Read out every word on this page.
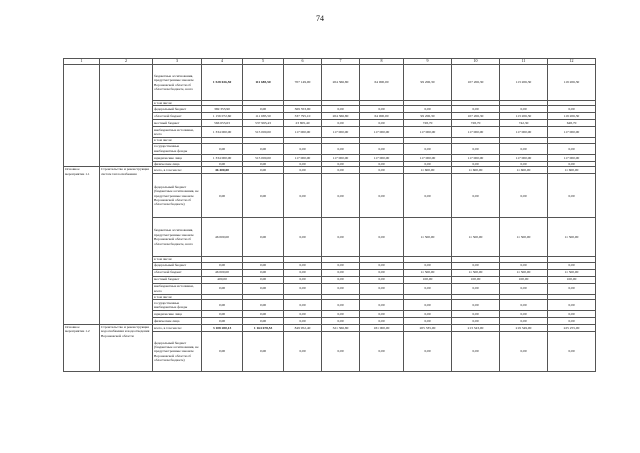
74
1	2	3	4	5	6	7	8	9	10	11	12
		бюджетные ассигнования, предусмотренные законом Воронежской области об областном бюджете, всего	1 528 026,50	111 685,50	707 149,00	204 366,80	64 000,00	99 206,30	107 206,30	113 206,30	119 206,30
		в том числе:									
		федеральный бюджет	369 353,90	0,00	369 353,90	0,00	0,00	0,00	0,00	0,00	0,00
		областной бюджет	1 156 072,60	111 685,50	337 795,10	204 366,80	64 000,00	99 206,30	107 206,30	113 206,30	119 206,30
		местный бюджет	566 653,63	537 993,43	23 805,40	0,00	0,00	728,70	728,70	742,30	648,70
		внебюджетные источники, всего	1 334 000,00	515 000,00	117 000,00	117 000,00	117 000,00	117 000,00	117 000,00	117 000,00	117 000,00
		в том числе:									
		государственные внебюджетные фонды	0,00	0,00	0,00	0,00	0,00	0,00	0,00	0,00	0,00
		юридические лица	1 334 000,00	515 000,00	117 000,00	117 000,00	117 000,00	117 000,00	117 000,00	117 000,00	117 000,00
		физические лица	0,00	0,00	0,00	0,00	0,00	0,00	0,00	0,00	0,00
Основное мероприятие 1.1	Строительство и реконструкция систем теплоснабжения	всего, в том числе:	46 400,00	0,00	0,00	0,00	0,00	11 600,00	11 600,00	11 600,00	11 600,00
		федеральный бюджет (бюджетные ассигнования, не предусмотренные законом Воронежской области об областном бюджете)	0,00	0,00	0,00	0,00	0,00	0,00	0,00	0,00	0,00
		бюджетные ассигнования, предусмотренные законом Воронежской области об областном бюджете, всего	46 000,00	0,00	0,00	0,00	0,00	11 500,00	11 500,00	11 500,00	11 500,00
		в том числе:									
		федеральный бюджет	0,00	0,00	0,00	0,00	0,00	0,00	0,00	0,00	0,00
		областной бюджет	46 000,00	0,00	0,00	0,00	0,00	11 500,00	11 500,00	11 500,00	11 500,00
		местный бюджет	400,00	0,00	0,00	0,00	0,00	100,00	100,00	100,00	100,00
		внебюджетные источники, всего	0,00	0,00	0,00	0,00	0,00	0,00	0,00	0,00	0,00
		в том числе:									
		государственные внебюджетные фонды	0,00	0,00	0,00	0,00	0,00	0,00	0,00	0,00	0,00
		юридические лица	0,00	0,00	0,00	0,00	0,00	0,00	0,00	0,00	0,00
		физические лица	0,00	0,00	0,00	0,00	0,00	0,00	0,00	0,00	0,00
Основное мероприятие 1.2	Строительство и реконструкция водоснабжения и водоотведения Воронежской области	всего, в том числе:	3 108 200,13	1 164 678,53	849 952,40	321 366,80	181 000,00	205 335,00	213 343,00	219 349,00	225 255,00
		федеральный бюджет (бюджетные ассигнования, не предусмотренные законом Воронежской области об областном бюджете)	0,00	0,00	0,00	0,00	0,00	0,00	0,00	0,00	0,00
